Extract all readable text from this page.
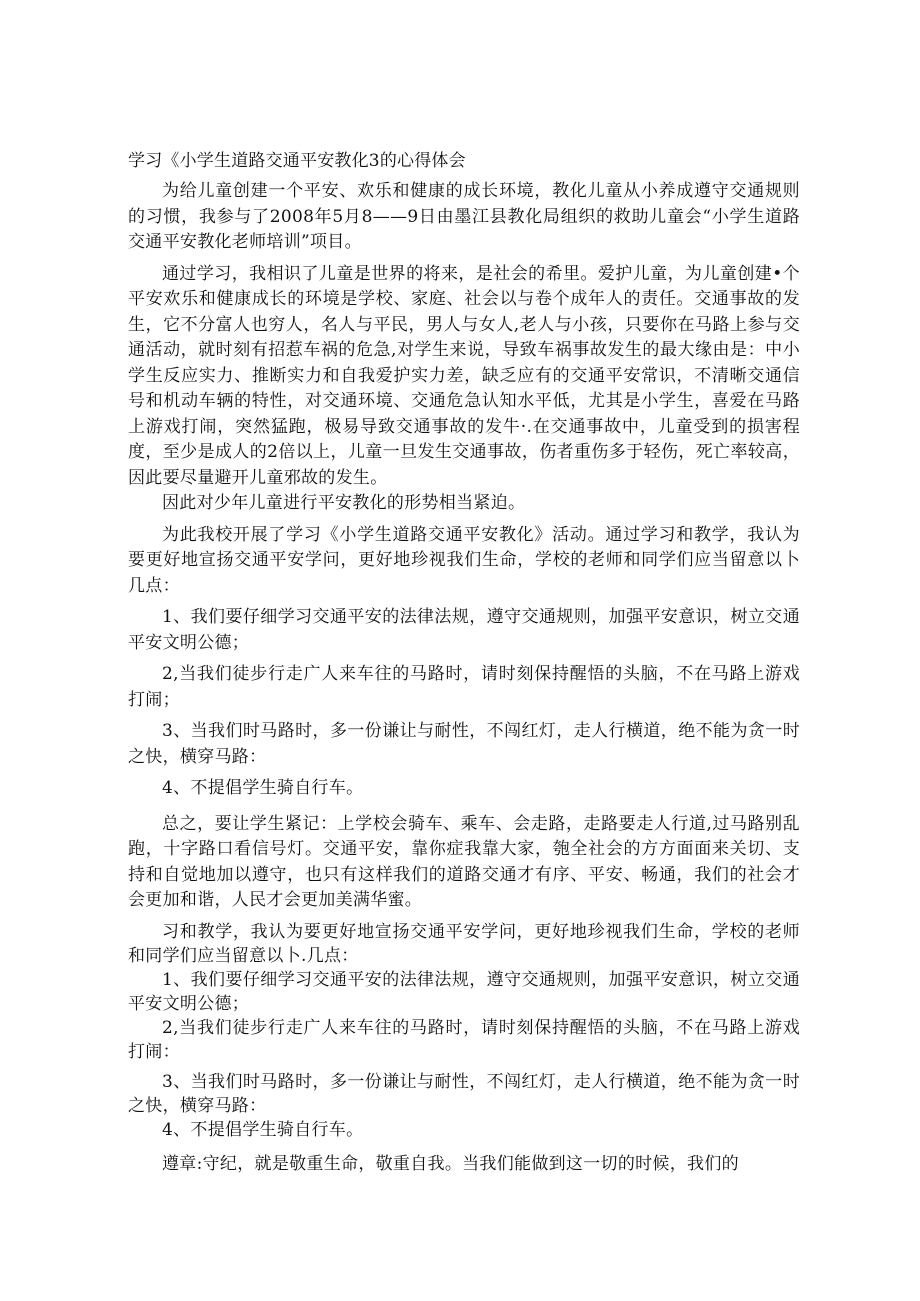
学习《小学生道路交通平安教化3的心得体会

为给儿童创建一个平安、欢乐和健康的成长环境，教化儿童从小养成遵守交通规则的习惯，我参与了2008年5月8——9日由墨江县教化局组织的救助儿童会“小学生道路交通平安教化老师培训”项目。

通过学习，我相识了儿童是世界的将来，是社会的希里。爱护儿童，为儿童创建•个平安欢乐和健康成长的环境是学校、家庭、社会以与卷个成年人的责任。交通事故的发生，它不分富人也穷人，名人与平民，男人与女人,老人与小孩，只要你在马路上参与交通活动，就时刻有招惹车祸的危急,对学生来说，导致车祸事故发生的最大缘由是：中小学生反应实力、推断实力和自我爱护实力差，缺乏应有的交通平安常识，不清晰交通信号和机动车辆的特性，对交通环境、交通危急认知水平低，尤其是小学生，喜爱在马路上游戏打闹，突然猛跑，极易导致交通事故的发牛·.在交通事故中，儿童受到的损害程度，至少是成人的2倍以上，儿童一旦发生交通事故，伤者重伤多于轻伤，死亡率较高，因此要尽量避开儿童邪故的发生。

因此对少年儿童进行平安教化的形势相当紧迫。

为此我校开展了学习《小学生道路交通平安教化》活动。通过学习和教学，我认为要更好地宣扬交通平安学问，更好地珍视我们生命，学校的老师和同学们应当留意以卜几点：

1、我们要仔细学习交通平安的法律法规，遵守交通规则，加强平安意识，树立交通平安文明公德；

2,当我们徒步行走广人来车往的马路时，请时刻保持醒悟的头脑，不在马路上游戏打闹；

3、当我们时马路时，多一份谦让与耐性，不闯红灯，走人行横道，绝不能为贪一时之快，横穿马路：

4、不提倡学生骑自行车。

总之，要让学生紧记：上学校会骑车、乘车、会走路，走路要走人行道,过马路别乱跑，十字路口看信号灯。交通平安，靠你症我靠大家，匏全社会的方方面面来关切、支持和自觉地加以遵守，也只有这样我们的道路交通才有序、平安、畅通，我们的社会才会更加和谐，人民才会更加美满华蜜。

习和教学，我认为要更好地宣扬交通平安学问，更好地珍视我们生命，学校的老师和同学们应当留意以卜.几点：

1、我们要仔细学习交通平安的法律法规，遵守交通规则，加强平安意识，树立交通平安文明公德；

2,当我们徒步行走广人来车往的马路时，请时刻保持醒悟的头脑，不在马路上游戏打闹：

3、当我们时马路时，多一份谦让与耐性，不闯红灯，走人行横道，绝不能为贪一时之快，横穿马路：

4、不提倡学生骑自行车。

遵章:守纪，就是敬重生命，敬重自我。当我们能做到这一切的时候，我们的
